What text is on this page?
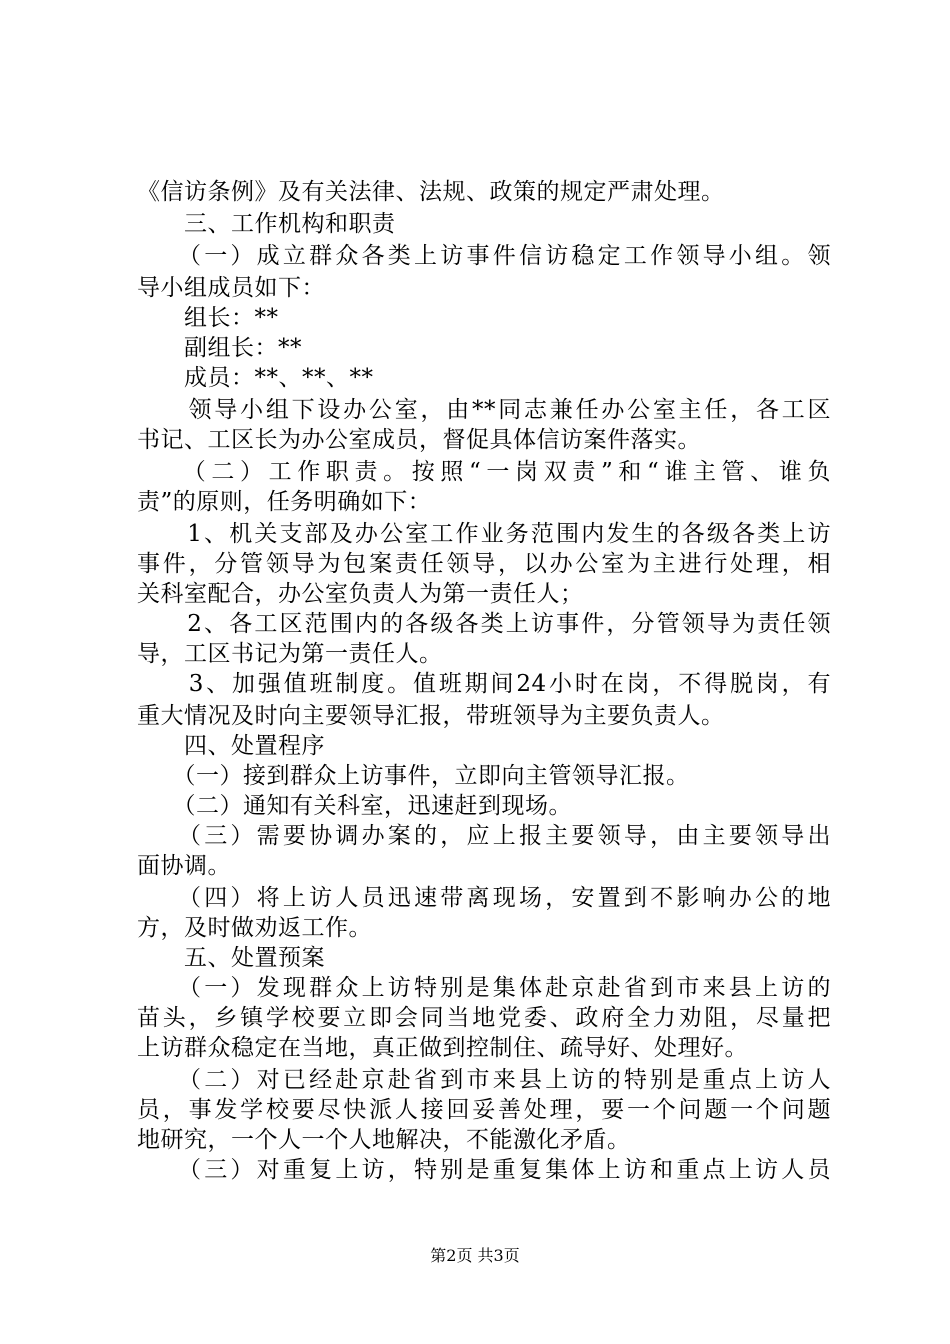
《信访条例》及有关法律、法规、政策的规定严肃处理。
　　三、工作机构和职责
　　（一）成立群众各类上访事件信访稳定工作领导小组。领
导小组成员如下：
　　组长：**
　　副组长：**
　　成员：**、**、**
　　领导小组下设办公室，由**同志兼任办公室主任，各工区
书记、工区长为办公室成员，督促具体信访案件落实。
　　（二）工作职责。按照“一岗双责”和“谁主管、谁负
责”的原则，任务明确如下：
　　1、机关支部及办公室工作业务范围内发生的各级各类上访
事件，分管领导为包案责任领导，以办公室为主进行处理，相
关科室配合，办公室负责人为第一责任人；
　　2、各工区范围内的各级各类上访事件，分管领导为责任领
导，工区书记为第一责任人。
　　3、加强值班制度。值班期间24小时在岗，不得脱岗，有
重大情况及时向主要领导汇报，带班领导为主要负责人。
　　四、处置程序
　　（一）接到群众上访事件，立即向主管领导汇报。
　　（二）通知有关科室，迅速赶到现场。
　　（三）需要协调办案的，应上报主要领导，由主要领导出
面协调。
　　（四）将上访人员迅速带离现场，安置到不影响办公的地
方，及时做劝返工作。
　　五、处置预案
　　（一）发现群众上访特别是集体赴京赴省到市来县上访的
苗头，乡镇学校要立即会同当地党委、政府全力劝阻，尽量把
上访群众稳定在当地，真正做到控制住、疏导好、处理好。
　　（二）对已经赴京赴省到市来县上访的特别是重点上访人
员，事发学校要尽快派人接回妥善处理，要一个问题一个问题
地研究，一个人一个人地解决，不能激化矛盾。
　　（三）对重复上访，特别是重复集体上访和重点上访人员
第2页 共3页
